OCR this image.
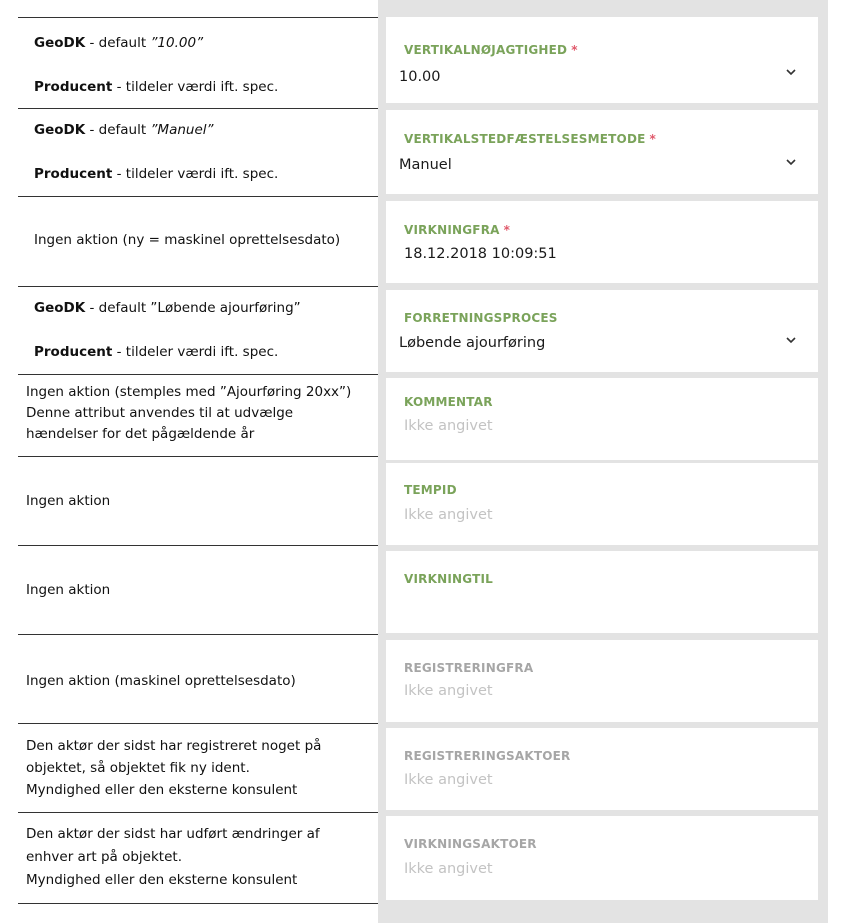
GeoDK - default ”10.00”
Producent - tildeler værdi ift. spec.
GeoDK - default ”Manuel”
Producent - tildeler værdi ift. spec.
Ingen aktion (ny = maskinel oprettelsesdato)
GeoDK - default ”Løbende ajourføring”
Producent - tildeler værdi ift. spec.
Ingen aktion (stemples med ”Ajourføring 20xx”)
Denne attribut anvendes til at udvælge
hændelser for det pågældende år
Ingen aktion
Ingen aktion
Ingen aktion (maskinel oprettelsesdato)
Den aktør der sidst har registreret noget på
objektet, så objektet fik ny ident.
Myndighed eller den eksterne konsulent
Den aktør der sidst har udført ændringer af
enhver art på objektet.
Myndighed eller den eksterne konsulent
VERTIKALNØJAGTIGHED *
10.00
VERTIKALSTEDFÆSTELSESMETODE *
Manuel
VIRKNINGFRA *
18.12.2018 10:09:51
FORRETNINGSPROCES
Løbende ajourføring
KOMMENTAR
Ikke angivet
TEMPID
Ikke angivet
VIRKNINGTIL
REGISTRERINGFRA
Ikke angivet
REGISTRERINGSAKTOER
Ikke angivet
VIRKNINGSAKTOER
Ikke angivet
